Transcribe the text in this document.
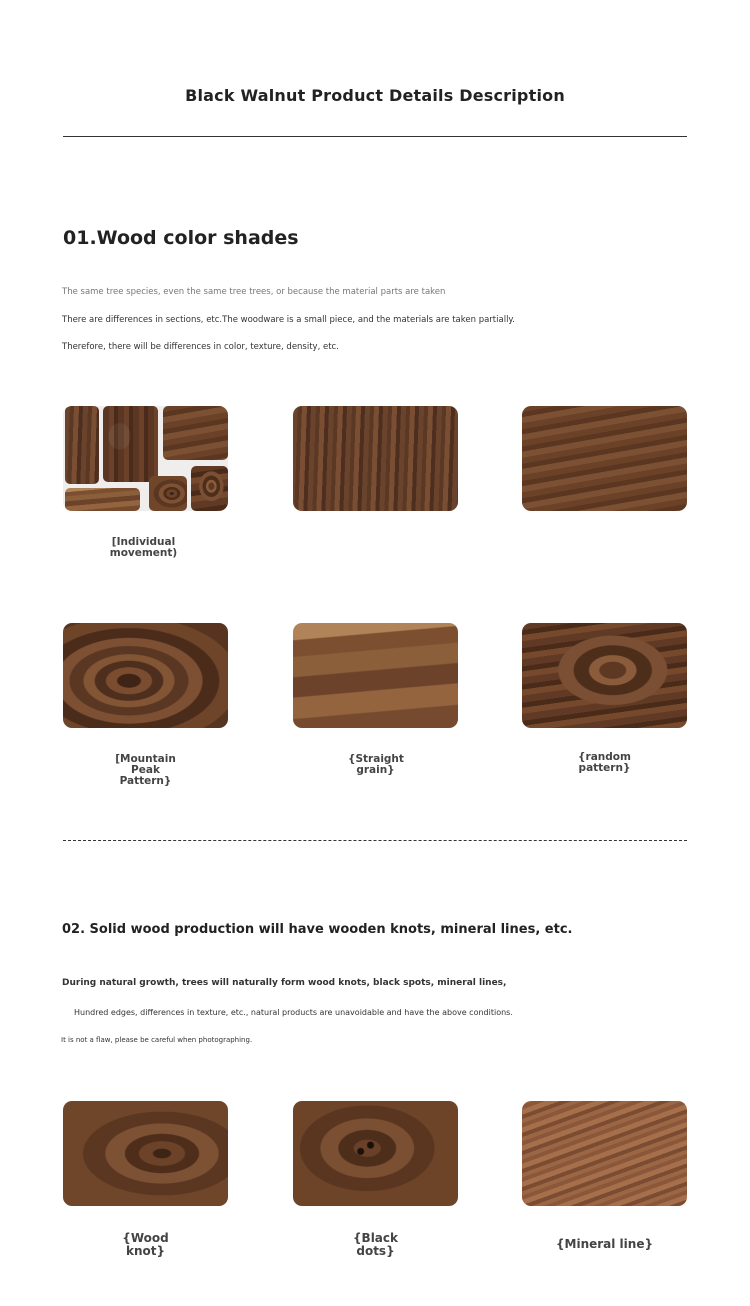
Black Walnut Product Details Description
01.Wood color shades
The same tree species, even the same tree trees, or because the material parts are taken
There are differences in sections, etc.The woodware is a small piece, and the materials are taken partially.
Therefore, there will be differences in color, texture, density, etc.
[Individual movement)
[Mountain Peak Pattern}
{Straight grain}
{random pattern}
02. Solid wood production will have wooden knots, mineral lines, etc.
During natural growth, trees will naturally form wood knots, black spots, mineral lines,
Hundred edges, differences in texture, etc., natural products are unavoidable and have the above conditions.
It is not a flaw, please be careful when photographing.
{Wood knot}
{Black dots}	{Mineral line}
